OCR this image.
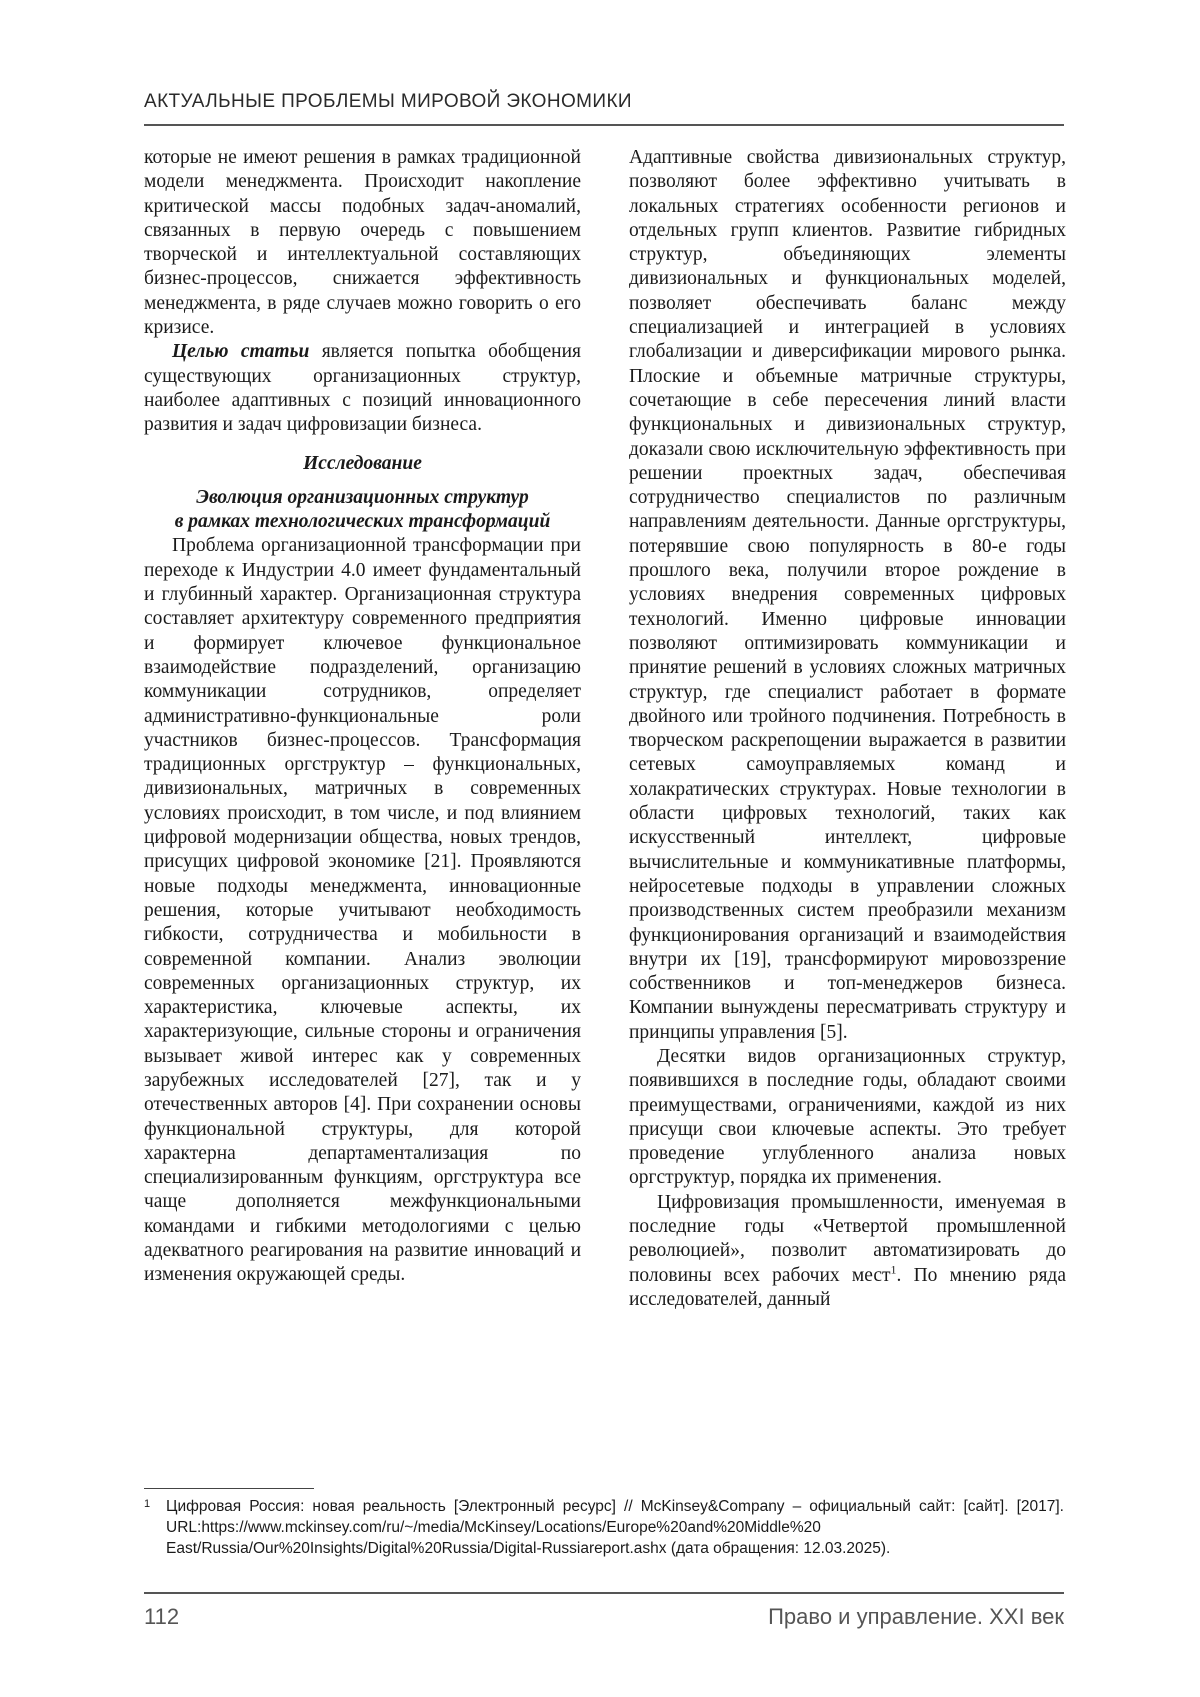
АКТУАЛЬНЫЕ ПРОБЛЕМЫ МИРОВОЙ ЭКОНОМИКИ

которые не имеют решения в рамках традиционной модели менеджмента. Происходит накопление критической массы подобных задач-аномалий, связанных в первую очередь с повышением творческой и интеллектуальной составляющих бизнес-процессов, снижается эффективность менеджмента, в ряде случаев можно говорить о его кризисе.

Целью статьи является попытка обобщения существующих организационных структур, наиболее адаптивных с позиций инновационного развития и задач цифровизации бизнеса.

Исследование

Эволюция организационных структур

в рамках технологических трансформаций

Проблема организационной трансформации при переходе к Индустрии 4.0 имеет фундаментальный и глубинный характер. Организационная структура составляет архитектуру современного предприятия и формирует ключевое функциональное взаимодействие подразделений, организацию коммуникации сотрудников, определяет административно-функциональные роли участников бизнес-процессов. Трансформация традиционных оргструктур – функциональных, дивизиональных, матричных в современных условиях происходит, в том числе, и под влиянием цифровой модернизации общества, новых трендов, присущих цифровой экономике [21]. Проявляются новые подходы менеджмента, инновационные решения, которые учитывают необходимость гибкости, сотрудничества и мобильности в современной компании. Анализ эволюции современных организационных структур, их характеристика, ключевые аспекты, их характеризующие, сильные стороны и ограничения вызывает живой интерес как у современных зарубежных исследователей [27], так и у отечественных авторов [4]. При сохранении основы функциональной структуры, для которой характерна департаментализация по специализированным функциям, оргструктура все чаще дополняется межфункциональными командами и гибкими методологиями с целью адекватного реагирования на развитие инноваций и изменения окружающей среды.

Адаптивные свойства дивизиональных структур, позволяют более эффективно учитывать в локальных стратегиях особенности регионов и отдельных групп клиентов. Развитие гибридных структур, объединяющих элементы дивизиональных и функциональных моделей, позволяет обеспечивать баланс между специализацией и интеграцией в условиях глобализации и диверсификации мирового рынка. Плоские и объемные матричные структуры, сочетающие в себе пересечения линий власти функциональных и дивизиональных структур, доказали свою исключительную эффективность при решении проектных задач, обеспечивая сотрудничество специалистов по различным направлениям деятельности. Данные оргструктуры, потерявшие свою популярность в 80-е годы прошлого века, получили второе рождение в условиях внедрения современных цифровых технологий. Именно цифровые инновации позволяют оптимизировать коммуникации и принятие решений в условиях сложных матричных структур, где специалист работает в формате двойного или тройного подчинения. Потребность в творческом раскрепощении выражается в развитии сетевых самоуправляемых команд и холакратических структурах. Новые технологии в области цифровых технологий, таких как искусственный интеллект, цифровые вычислительные и коммуникативные платформы, нейросетевые подходы в управлении сложных производственных систем преобразили механизм функционирования организаций и взаимодействия внутри их [19], трансформируют мировоззрение собственников и топ-менеджеров бизнеса. Компании вынуждены пересматривать структуру и принципы управления [5].

Десятки видов организационных структур, появившихся в последние годы, обладают своими преимуществами, ограничениями, каждой из них присущи свои ключевые аспекты. Это требует проведение углубленного анализа новых оргструктур, порядка их применения.

Цифровизация промышленности, именуемая в последние годы «Четвертой промышленной революцией», позволит автоматизировать до половины всех рабочих мест$^1$. По мнению ряда исследователей, данный

1 Цифровая Россия: новая реальность [Электронный ресурс] // McKinsey&Company – официальный сайт: [сайт]. [2017]. URL:https://www.mckinsey.com/ru/~/media/McKinsey/Locations/Europe%20and%20Middle%20 East/Russia/Our%20Insights/Digital%20Russia/Digital-Russiareport.ashx (дата обращения: 12.03.2025).
112	Право и управление. XXI век
